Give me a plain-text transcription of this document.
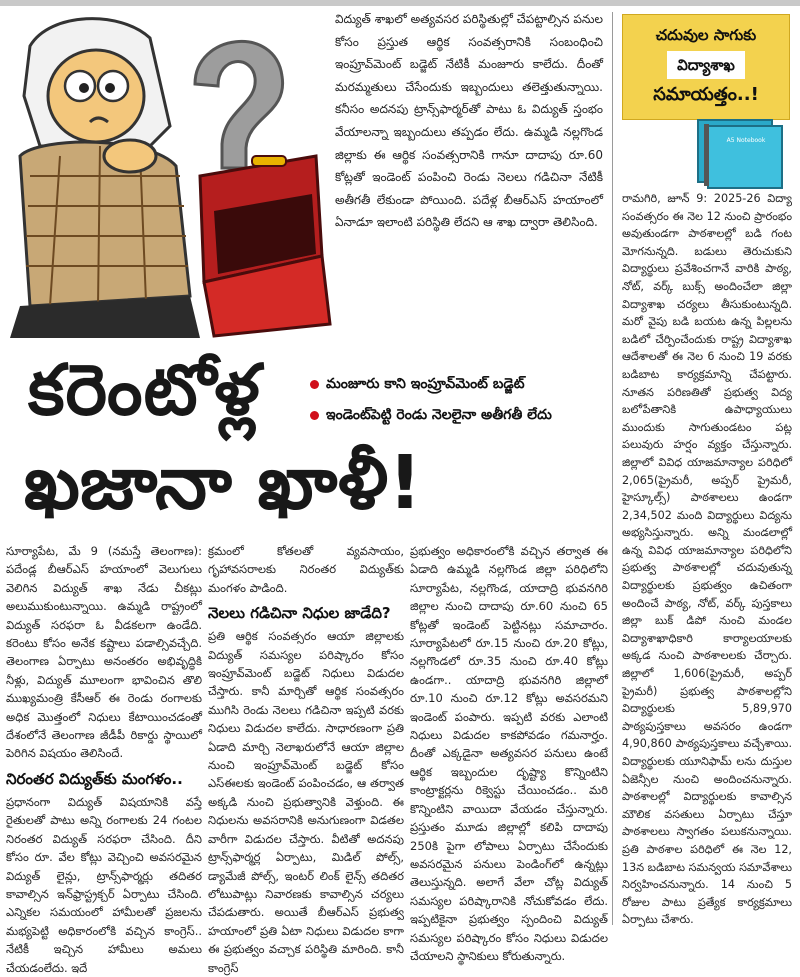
విద్యుత్ శాఖలో అత్యవసర పరిస్థితుల్లో చేపట్టాల్సిన పనుల కోసం ప్రస్తుత ఆర్థిక సంవత్సరానికి సంబంధించి ఇంప్రూవ్‌మెంట్ బడ్జెట్ నేటికీ మంజూరు కాలేదు. దీంతో మరమ్మతులు చేసేందుకు ఇబ్బందులు తలెత్తుతున్నాయి. కనీసం అదనపు ట్రాన్స్‌ఫార్మర్‌తో పాటు ఓ విద్యుత్ స్తంభం వేయాలన్నా ఇబ్బందులు తప్పడం లేదు. ఉమ్మడి నల్లగొండ జిల్లాకు ఈ ఆర్థిక సంవత్సరానికి గానూ దాదాపు రూ.60 కోట్లతో ఇండెంట్ పంపించి రెండు నెలలు గడిచినా నేటికీ అతీగతీ లేకుండా పోయింది. పదేళ్ల బీఆర్ఎస్ హయాంలో ఏనాడూ ఇలాంటి పరిస్థితి లేదని ఆ శాఖ ద్వారా తెలిసింది.

చదువుల సాగుకు
విద్యాశాఖ
సమాయత్తం..!
A5 Notebook

రామగిరి, జూన్ 9: 2025-26 విద్యా సంవత్సరం ఈ నెల 12 నుంచి ప్రారంభం అవుతుండగా పాఠశాలల్లో బడి గంట మోగనున్నది. బడులు తెరుచుకుని విద్యార్థులు ప్రవేశించగానే వారికి పాఠ్య, నోట్, వర్క్ బుక్స్ అందించేలా జిల్లా విద్యాశాఖ చర్యలు తీసుకుంటున్నది. మరో వైపు బడి బయట ఉన్న పిల్లలను బడిలో చేర్పించేందుకు రాష్ట్ర విద్యాశాఖ ఆదేశాలతో ఈ నెల 6 నుంచి 19 వరకు బడిబాట కార్యక్రమాన్ని చేపట్టారు. నూతన పరిణతితో ప్రభుత్వ విద్య బలోపేతానికి ఉపాధ్యాయులు ముందుకు సాగుతుండటం పట్ల పలువురు హర్షం వ్యక్తం చేస్తున్నారు. జిల్లాలో వివిధ యాజమాన్యాల పరిధిలో 2,065(ప్రైమరీ, అప్పర్ ప్రైమరీ, హైస్కూల్స్) పాఠశాలలు ఉండగా 2,34,502 మంది విద్యార్థులు విద్యను అభ్యసిస్తున్నారు. అన్ని మండలాల్లో ఉన్న వివిధ యాజమాన్యాల పరిధిలోని ప్రభుత్వ పాఠశాలల్లో చదువుతున్న విద్యార్థులకు ప్రభుత్వం ఉచితంగా అందించే పాఠ్య, నోట్, వర్క్ పుస్తకాలు జిల్లా బుక్ డిపో నుంచి మండల విద్యాశాఖాధికారి కార్యాలయాలకు అక్కడ నుంచి పాఠశాలలకు చేర్చారు. జిల్లాలో 1,606(ప్రైమరీ, అప్పర్ ప్రైమరీ) ప్రభుత్వ పాఠశాలల్లోని విద్యార్థులకు 5,89,970 పాఠ్యపుస్తకాలు అవసరం ఉండగా 4,90,860 పాఠ్యపుస్తకాలు వచ్చేశాయి. విద్యార్థులకు యూనిఫామ్ లను దుస్తుల ఏజెన్సీల నుంచి అందించనున్నారు. పాఠశాలల్లో విద్యార్థులకు కావాల్సిన మౌలిక వసతులు ఏర్పాటు చేస్తూ పాఠశాలలు స్వాగతం పలుకనున్నాయి. ప్రతి పాఠశాల పరిధిలో ఈ నెల 12, 13న బడిబాట సమన్వయ సమావేశాలు నిర్వహించనున్నారు. 14 నుంచి 5 రోజుల పాటు ప్రత్యేక కార్యక్రమాలు ఏర్పాటు చేశారు.

కరెంటోళ్ల	మంజూరు కాని ఇంప్రూవ్‌మెంట్ బడ్జెట్
ఇండెంట్‌పెట్టి రెండు నెలలైనా అతీగతీ లేదు
ఖజానా ఖాళీ!

సూర్యాపేట, మే 9 (నమస్తే తెలంగాణ): పదేండ్ల బీఆర్ఎస్ హయాంలో వెలుగులు వెలిగిన విద్యుత్ శాఖ నేడు చీకట్లు అలుముకుంటున్నాయి. ఉమ్మడి రాష్ట్రంలో విద్యుత్ సరఫరా ఓ వీడకలగా ఉండేది. కరెంటు కోసం అనేక కష్టాలు పడాల్సివచ్చేది. తెలంగాణ ఏర్పాటు అనంతరం అభివృద్ధికి నీళ్లు, విద్యుత్ మూలంగా భావించిన తొలి ముఖ్యమంత్రి కేసీఆర్ ఈ రెండు రంగాలకు అధిక మొత్తంలో నిధులు కేటాయించడంతో దేశంలోనే తెలంగాణ జీడీపీ రికార్డు స్థాయిలో పెరిగిన విషయం తెలిసిందే.

నిరంతర విద్యుత్‌కు మంగళం..

ప్రధానంగా విద్యుత్ విషయానికి వస్తే రైతులతో పాటు అన్ని రంగాలకు 24 గంటల నిరంతర విద్యుత్ సరఫరా చేసింది. దీని కోసం రూ. వేల కోట్లు వెచ్చించి అవసరమైన విద్యుత్ లైన్లు, ట్రాన్స్‌ఫార్మర్లు తదితర కావాల్సిన ఇన్‌ఫ్రాస్ట్రక్చర్ ఏర్పాటు చేసింది. ఎన్నికల సమయంలో హామీలతో ప్రజలను మభ్యపెట్టి అధికారంలోకి వచ్చిన కాంగ్రెస్.. నేటికీ ఇచ్చిన హామీలు అమలు చేయడంలేదు. ఇదే

క్రమంలో కోతలతో వ్యవసాయం, గృహావసరాలకు నిరంతర విద్యుత్‌కు మంగళం పాడింది.

నెలలు గడిచినా నిధుల జాడేది?

ప్రతి ఆర్థిక సంవత్సరం ఆయా జిల్లాలకు విద్యుత్ సమస్యల పరిష్కారం కోసం ఇంప్రూవ్‌మెంట్ బడ్జెట్ నిధులు విడుదల చేస్తారు. కానీ మార్చితో ఆర్థిక సంవత్సరం ముగిసి రెండు నెలలు గడిచినా ఇప్పటి వరకు నిధులు విడుదల కాలేదు. సాధారణంగా ప్రతి ఏడాది మార్చి నెలాఖరులోనే ఆయా జిల్లాల నుంచి ఇంప్రూవ్‌మెంట్ బడ్జెట్ కోసం ఎస్ఈలకు ఇండెంట్ పంపించడం, ఆ తర్వాత అక్కడి నుంచి ప్రభుత్వానికి వెళ్తుంది. ఈ నిధులను అవసరానికి అనుగుణంగా విడతల వారీగా విడుదల చేస్తారు. వీటితో అదనపు ట్రాన్స్‌ఫార్మర్ల ఏర్పాటు, మిడిల్ పోల్స్, డ్యామేజీ పోల్స్, ఇంటర్ లింక్ లైన్స్ తదితర లోటుపాట్లు నివారణకు కావాల్సిన చర్యలు చేపడుతారు. అయితే బీఆర్ఎస్ ప్రభుత్వ హయాంలో ప్రతి ఏటా నిధులు విడుదల కాగా ఈ ప్రభుత్వం వచ్చాక పరిస్థితి మారింది. కానీ కాంగ్రెస్

ప్రభుత్వం అధికారంలోకి వచ్చిన తర్వాత ఈ ఏడాది ఉమ్మడి నల్లగొండ జిల్లా పరిధిలోని సూర్యాపేట, నల్లగొండ, యాదాద్రి భువనగిరి జిల్లాల నుంచి దాదాపు రూ.60 నుంచి 65 కోట్లతో ఇండెంట్ పెట్టినట్లు సమాచారం. సూర్యాపేటలో రూ.15 నుంచి రూ.20 కోట్లు, నల్లగొండలో రూ.35 నుంచి రూ.40 కోట్లు ఉండగా.. యాదాద్రి భువనగిరి జిల్లాలో రూ.10 నుంచి రూ.12 కోట్లు అవసరమని ఇండెంట్ పంపారు. ఇప్పటి వరకు ఎలాంటి నిధులు విడుదల కాకపోవడం గమనార్హం. దీంతో ఎక్కడైనా అత్యవసర పనులు ఉంటే ఆర్థిక ఇబ్బందుల దృష్ట్యా కొన్నింటిని కాంట్రాక్టర్లను రిక్వెస్టు చేయించడం.. మరి కొన్నింటిని వాయిదా వేయడం చేస్తున్నారు. ప్రస్తుతం మూడు జిల్లాల్లో కలిపి దాదాపు 250కి పైగా లోపాలు ఏర్పాటు చేసేందుకు అవసరమైన పనులు పెండింగ్‌లో ఉన్నట్లు తెలుస్తున్నది. అలాగే వేలా చోట్ల విద్యుత్ సమస్యల పరిష్కారానికి నోచుకోవడం లేదు. ఇప్పటికైనా ప్రభుత్వం స్పందించి విద్యుత్ సమస్యల పరిష్కారం కోసం నిధులు విడుదల చేయాలని స్థానికులు కోరుతున్నారు.
